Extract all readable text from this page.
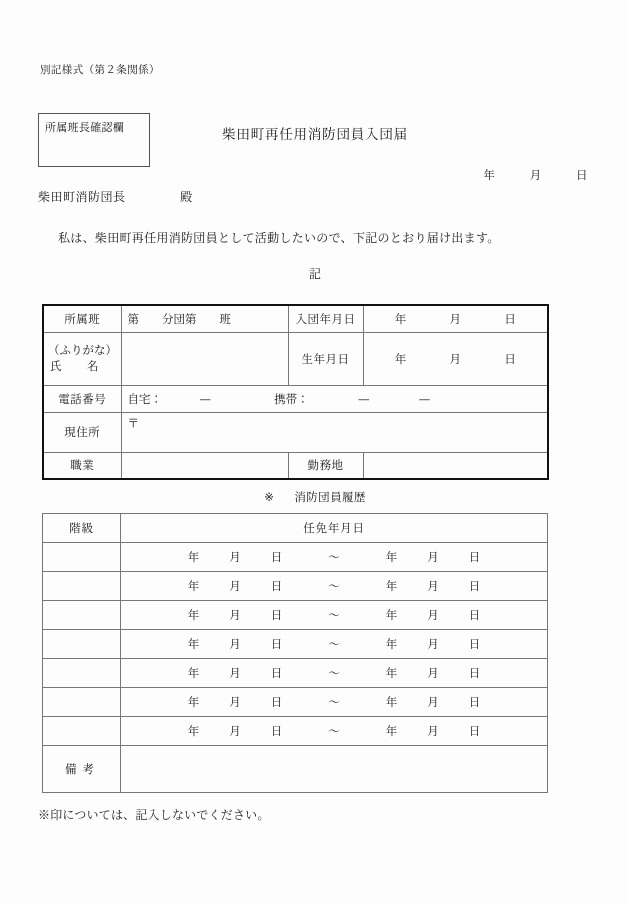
別記様式（第２条関係）
所属班長確認欄	柴田町再任用消防団員入団届
年	月	日
柴田町消防団長	殿
私は、柴田町再任用消防団員として活動したいので、下記のとおり届け出ます。
記
所属班	第　　分団第　　班	入団年月日	年 月 日

（ふりがな）
氏　名		生年月日	年 月 日
電話番号	自宅： — 携帯： — —		
現住所	〒		
職業		勤務地	
※ 消防団員履歴
階級	任免年月日
	年 月 日 ～ 年 月 日
	年 月 日 ～ 年 月 日
	年 月 日 ～ 年 月 日
	年 月 日 ～ 年 月 日
	年 月 日 ～ 年 月 日
	年 月 日 ～ 年 月 日
	年 月 日 ～ 年 月 日
備考	
※印については、記入しないでください。
